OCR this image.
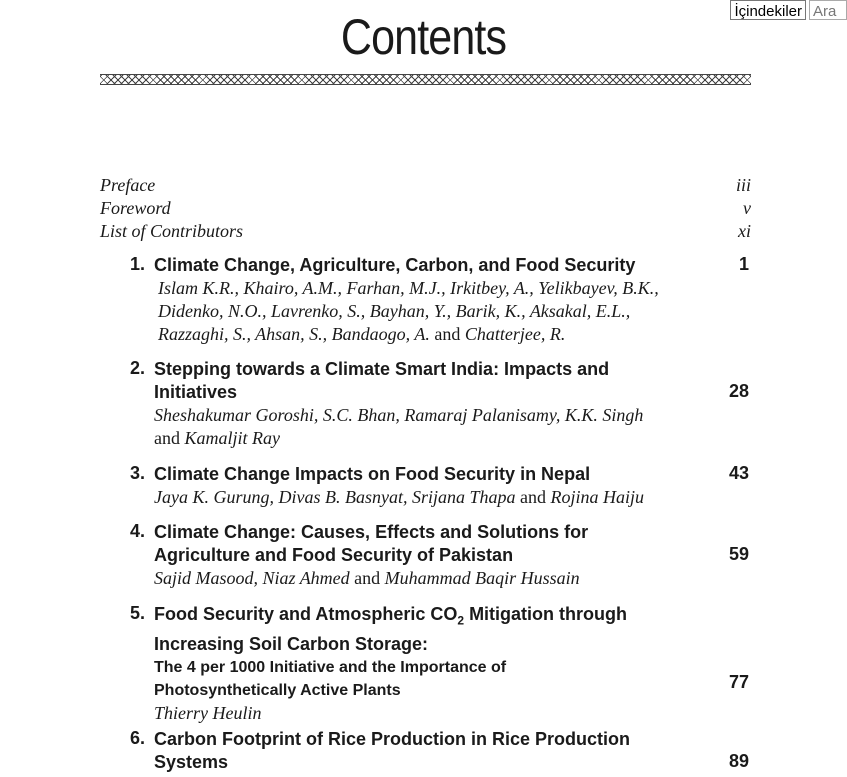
İçindekiler Ara
Contents
Preface	iii
Foreword	v
List of Contributors	xi
1. Climate Change, Agriculture, Carbon, and Food Security	1
Islam K.R., Khairo, A.M., Farhan, M.J., Irkitbey, A., Yelikbayev, B.K.,
Didenko, N.O., Lavrenko, S., Bayhan, Y., Barik, K., Aksakal, E.L.,
Razzaghi, S., Ahsan, S., Bandaogo, A. and Chatterjee, R.
2. Stepping towards a Climate Smart India: Impacts and
Initiatives	28
Sheshakumar Goroshi, S.C. Bhan, Ramaraj Palanisamy, K.K. Singh
and Kamaljit Ray
3. Climate Change Impacts on Food Security in Nepal	43
Jaya K. Gurung, Divas B. Basnyat, Srijana Thapa and Rojina Haiju
4. Climate Change: Causes, Effects and Solutions for
Agriculture and Food Security of Pakistan	59
Sajid Masood, Niaz Ahmed and Muhammad Baqir Hussain
5. Food Security and Atmospheric $CO_2$ Mitigation through
Increasing Soil Carbon Storage:
The 4 per 1000 Initiative and the Importance of
Photosynthetically Active Plants	77
Thierry Heulin
6. Carbon Footprint of Rice Production in Rice Production
Systems	89
